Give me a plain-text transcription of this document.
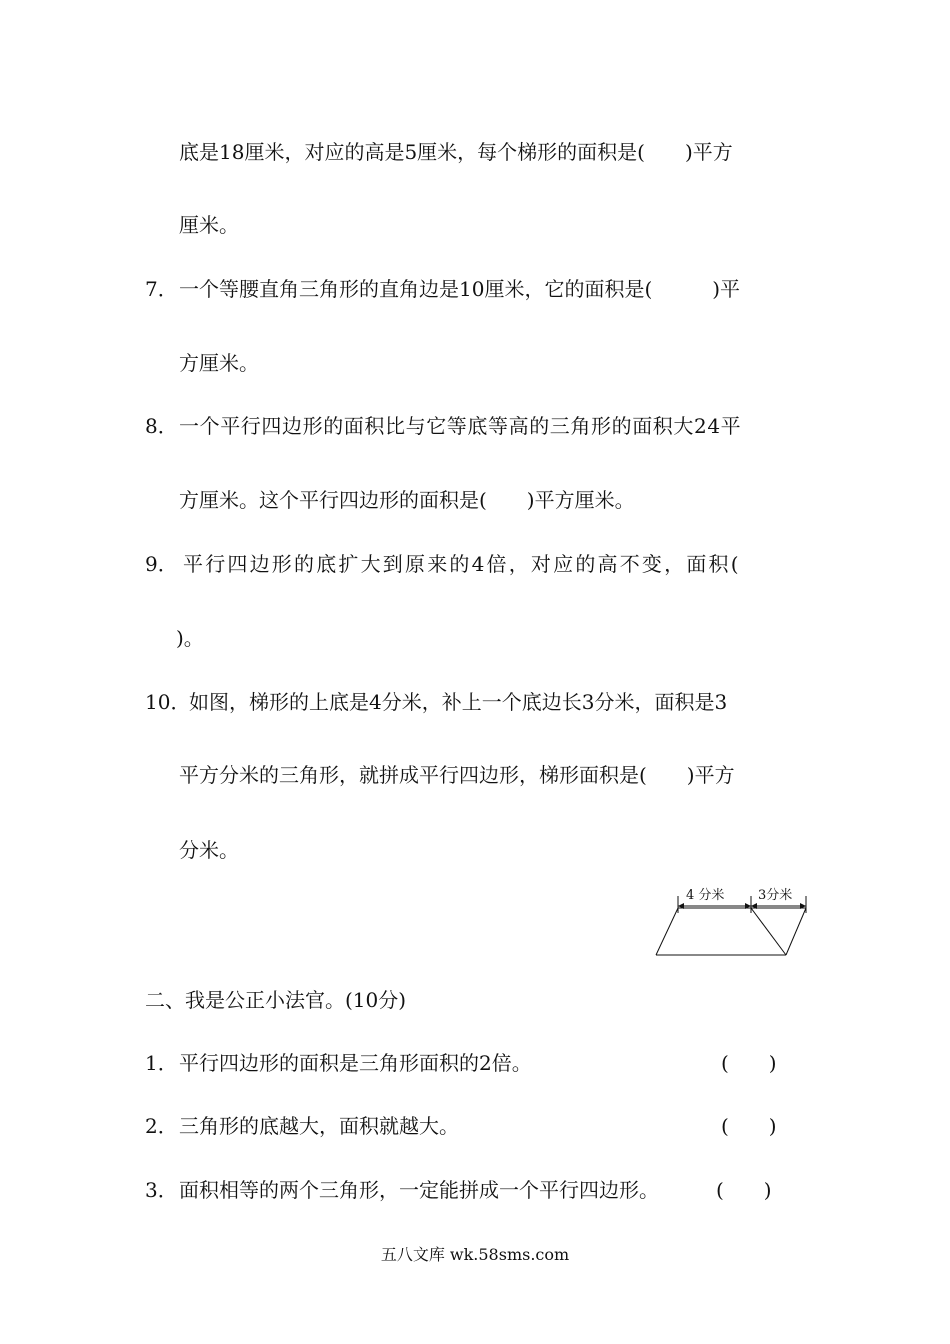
底是18厘米，对应的高是5厘米，每个梯形的面积是(　　)平方
厘米。
7． 一个等腰直角三角形的直角边是10厘米，它的面积是(　　　)平
方厘米。
8． 一个平行四边形的面积比与它等底等高的三角形的面积大24平
方厘米。这个平行四边形的面积是(　　)平方厘米。
9． 平行四边形的底扩大到原来的4倍，对应的高不变，面积(
)。
10．
如图，梯形的上底是4分米，补上一个底边长3分米，面积是3
平方分米的三角形，就拼成平行四边形，梯形面积是(　　)平方
分米。
4 分米	3分米
二、我是公正小法官。(10分)
1． 平行四边形的面积是三角形面积的2倍。	(　　)
2． 三角形的底越大，面积就越大。	(　　)
3． 面积相等的两个三角形，一定能拼成一个平行四边形。	(　　)
五八文库 wk.58sms.com
